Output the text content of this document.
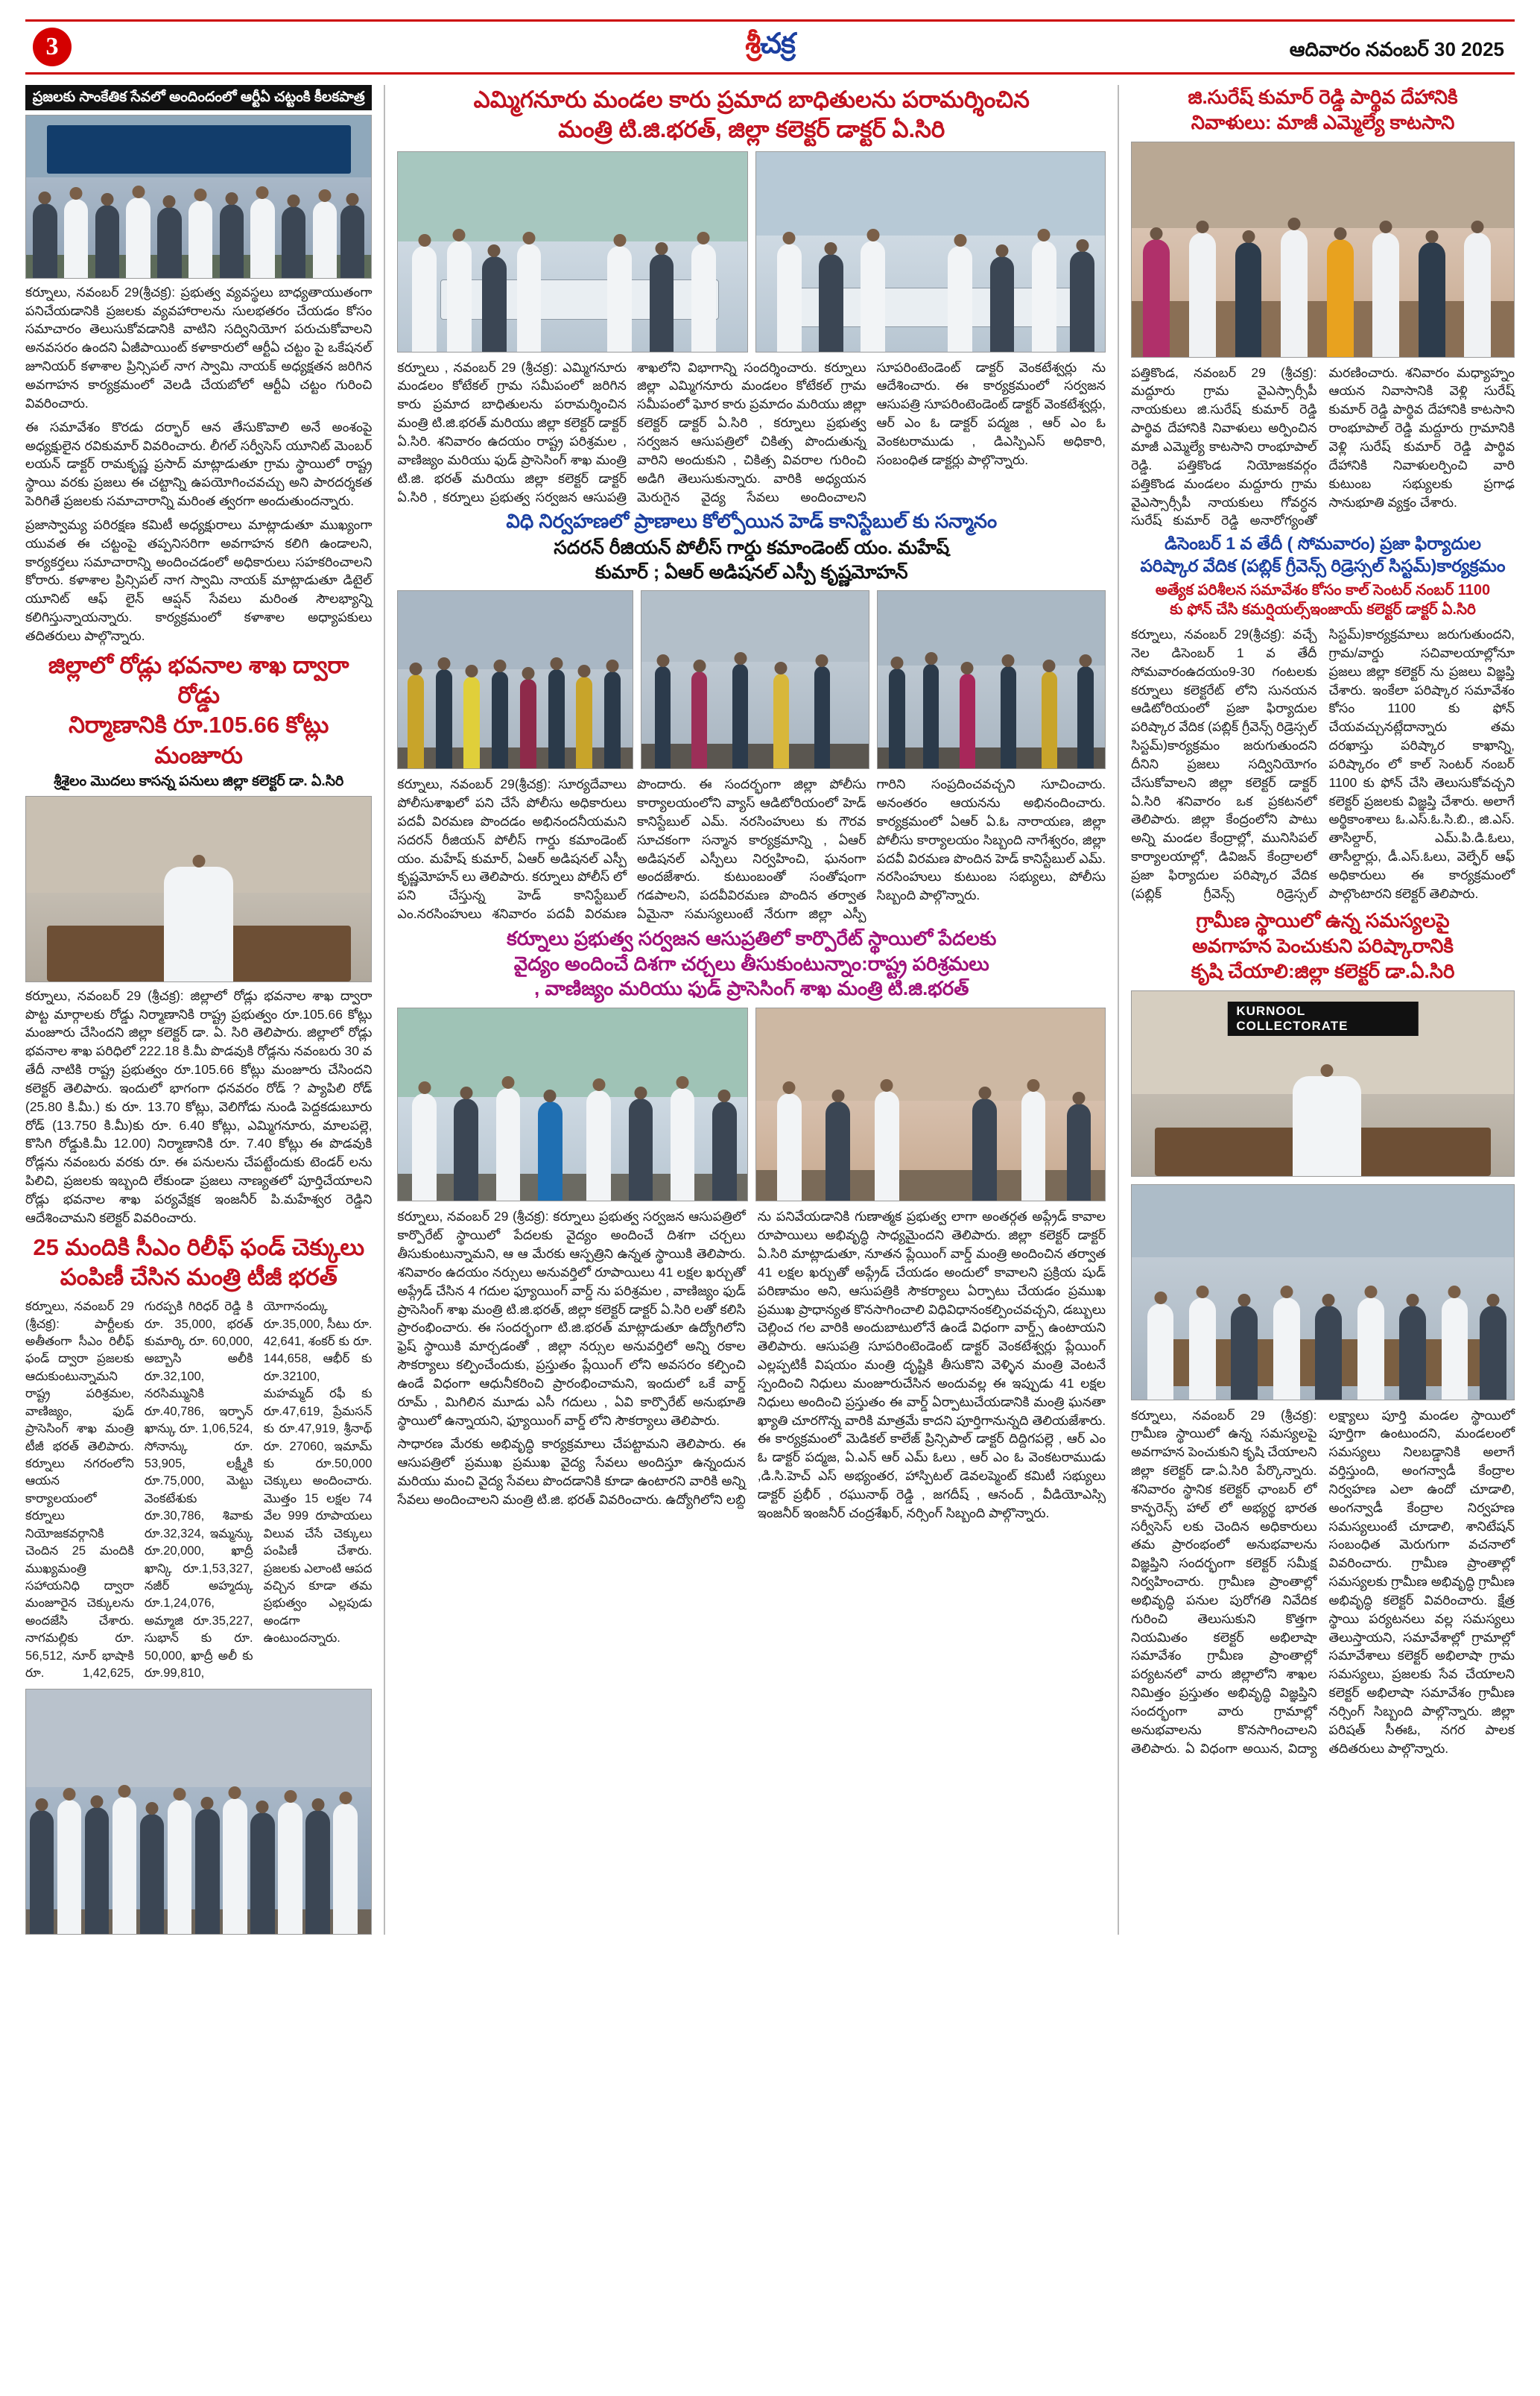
3	శ్రీచక్ర	ఆదివారం నవంబర్ 30 2025
ప్రజలకు సాంకేతిక సేవలో అందిందంలో ఆర్టీఏ చట్టంకి కీలకపాత్ర

కర్నూలు, నవంబర్ 29(శ్రీచక్ర): ప్రభుత్వ వ్యవస్థలు బాధ్యతాయుతంగా పనిచేయడానికి ప్రజలకు వ్యవహారాలను సులభతరం చేయడం కోసం సమాచారం తెలుసుకోవడానికి వాటిని సద్వినియోగ పరుచుకోవాలని అనవసరం ఉందని ఏజీపాయింట్ కళాకారులో ఆర్టీఏ చట్టం పై ఒకేషనల్ జూనియర్ కళాశాల ప్రిన్సిపల్ నాగ స్వామి నాయక్ అధ్యక్షతన జరిగిన అవగాహన కార్యక్రమంలో వెలడి చేయబోలో ఆర్టీఏ చట్టం గురించి వివరించారు.

ఈ సమావేశం కొరడు దర్భార్ ఆన తేసుకొవాలి అనే అంశంపై అధ్యక్షులైన రవికుమార్ వివరించారు. లీగల్ సర్వీసెస్ యూనిట్ మెంబర్ లయన్ డాక్టర్ రామకృష్ణ ప్రసాద్ మాట్లాడుతూ గ్రామ స్థాయిలో రాష్ట్ర స్థాయి వరకు ప్రజలు ఈ చట్టాన్ని ఉపయోగించవచ్చు అని పారదర్శకత పెరిగితే ప్రజలకు సమాచారాన్ని మరింత త్వరగా అందుతుందన్నారు.

ప్రజాస్వామ్య పరిరక్షణ కమిటీ అధ్యక్షురాలు మాట్లాడుతూ ముఖ్యంగా యువత ఈ చట్టంపై తప్పనిసరిగా అవగాహన కలిగి ఉండాలని, కార్యకర్తలు సమాచారాన్ని అందించడంలో అధికారులు సహకరించాలని కోరారు. కళాశాల ప్రిన్సిపల్ నాగ స్వామి నాయక్ మాట్లాడుతూ డిటైల్ యూనిట్ ఆఫ్ లైన్ ఆప్షన్ సేవలు మరింత సౌలభ్యాన్ని కలిగిస్తున్నాయన్నారు. కార్యక్రమంలో కళాశాల అధ్యాపకులు తదితరులు పాల్గొన్నారు.

జిల్లాలో రోడ్లు భవనాల శాఖ ద్వారా రోడ్డు
నిర్మాణానికి రూ.105.66 కోట్లు మంజూరు
శ్రీశైలం మొదలు కాసన్న పనులు జిల్లా కలెక్టర్ డా. ఏ.సిరి

కర్నూలు, నవంబర్ 29 (శ్రీచక్ర): జిల్లాలో రోడ్లు భవనాల శాఖ ద్వారా పొట్ట మార్గాలకు రోడ్డు నిర్మాణానికి రాష్ట్ర ప్రభుత్వం రూ.105.66 కోట్లు మంజూరు చేసిందని జిల్లా కలెక్టర్ డా. ఏ. సిరి తెలిపారు. జిల్లాలో రోడ్లు భవనాల శాఖ పరిధిలో 222.18 కి.మీ పొడవుకి రోడ్లను నవంబరు 30 వ తేదీ నాటికి రాష్ట్ర ప్రభుత్వం రూ.105.66 కోట్లు మంజూరు చేసిందని కలెక్టర్ తెలిపారు. ఇందులో భాగంగా ధనవరం రోడ్ ? ప్యాపిలి రోడ్ (25.80 కి.మీ.) కు రూ. 13.70 కోట్లు, వెలిగోడు నుండి పెద్దకడుబూరు రోడ్ (13.750 కి.మీ)కు రూ. 6.40 కోట్లు, ఎమ్మిగనూరు, మాలపల్లె, కొసిగి రోడ్డుకి.మీ 12.00) నిర్మాణానికి రూ. 7.40 కోట్లు ఈ పొడవుకి రోడ్లను నవంబరు వరకు రూ. ఈ పనులను చేపట్టేందుకు టెండర్ లను పిలిచి, ప్రజలకు ఇబ్బంది లేకుండా ప్రజలు నాణ్యతలో పూర్తిచేయాలని రోడ్లు భవనాల శాఖ పర్యవేక్షక ఇంజనీర్ పి.మహేశ్వర రెడ్డిని ఆదేశించామని కలెక్టర్ వివరించారు.

25 మందికి సీఎం రిలీఫ్ ఫండ్ చెక్కులు
పంపిణీ చేసిన మంత్రి టీజీ భరత్

కర్నూలు, నవంబర్ 29 (శ్రీచక్ర): పార్టీలకు అతీతంగా సీఎం రిలీఫ్ ఫండ్ ద్వారా ప్రజలకు ఆదుకుంటున్నామని రాష్ట్ర పరిశ్రమల, వాణిజ్యం, ఫుడ్ ప్రాసెసింగ్ శాఖ మంత్రి టీజీ భరత్ తెలిపారు. కర్నూలు నగరంలోని ఆయన కార్యాలయంలో కర్నూలు నియోజకవర్గానికి చెందిన 25 మందికి ముఖ్యమంత్రి సహాయనిధి ద్వారా మంజూరైన చెక్కులను అందజేసి చేశారు. నాగమల్లికు రూ. 56,512, నూర్ భాషాకి రూ. 1,42,625, గురప్పకి గిరిధర్ రెడ్డి కి రూ. 35,000, భరత్ కుమార్కి రూ. 60,000, అబ్బాసి అలీకి రూ.32,100, నరసిమ్మునికి రూ.40,786, ఇర్ఫాన్ ఖాన్కు రూ. 1,06,524, సోనాన్కు రూ. 53,905, లక్ష్మీకి రూ.75,000, మెట్టు వెంకటేశుకు రూ.30,786, శివాకు రూ.32,324, ఇమ్మన్కు రూ.20,000, ఖాద్రీ ఖాన్కి రూ.1,53,327, నజీర్ అహ్మద్కు రూ.1,24,076, అమ్మాజి రూ.35,227, సుభాన్ కు రూ. 50,000, ఖాద్రీ అలీ కు రూ.99,810, యోగానంద్కు రూ.35,000, సీటు రూ. 42,641, శంకర్ కు రూ. 144,658, ఆభీర్ కు రూ.32100, మహమ్మద్ రఫీ కు రూ.47,619, ప్రేమసన్ కు రూ.47,919, శ్రీనాథ్ రూ. 27060, ఇమామ్ కు రూ.50,000 చెక్కులు అందించారు. మొత్తం 15 లక్షల 74 వేల 999 రూపాయలు విలువ చేసే చెక్కులు పంపిణీ చేశారు. ప్రజలకు ఎలాంటి ఆపద వచ్చిన కూడా తమ ప్రభుత్వం ఎల్లపుడు అండగా ఉంటుందన్నారు.

ఎమ్మిగనూరు మండల కారు ప్రమాద బాధితులను పరామర్శించిన
మంత్రి టి.జి.భరత్, జిల్లా కలెక్టర్ డాక్టర్ ఏ.సిరి

కర్నూలు , నవంబర్ 29 (శ్రీచక్ర): ఎమ్మిగనూరు మండలం కోటేకల్ గ్రామ సమీపంలో జరిగిన కారు ప్రమాద బాధితులను పరామర్శించిన మంత్రి టి.జి.భరత్ మరియు జిల్లా కలెక్టర్ డాక్టర్ ఏ.సిరి. శనివారం ఉదయం రాష్ట్ర పరిశ్రమల , వాణిజ్యం మరియు ఫుడ్ ప్రాసెసింగ్ శాఖ మంత్రి టి.జి. భరత్ మరియు జిల్లా కలెక్టర్ డాక్టర్ ఏ.సిరి , కర్నూలు ప్రభుత్వ సర్వజన ఆసుపత్రి శాఖలోని విభాగాన్ని సందర్శించారు. కర్నూలు జిల్లా ఎమ్మిగనూరు మండలం కోటేకల్ గ్రామ సమీపంలో ఘోర కారు ప్రమాదం మరియు జిల్లా కలెక్టర్ డాక్టర్ ఏ.సిరి , కర్నూలు ప్రభుత్వ సర్వజన ఆసుపత్రిలో చికిత్స పొందుతున్న వారిని అందుకుని , చికిత్స వివరాల గురించి అడిగి తెలుసుకున్నారు. వారికి అధ్యయన మెరుగైన వైద్య సేవలు అందించాలని సూపరింటెండెంట్ డాక్టర్ వెంకటేశ్వర్లు ను ఆదేశించారు. ఈ కార్యక్రమంలో సర్వజన ఆసుపత్రి సూపరింటెండెంట్ డాక్టర్ వెంకటేశ్వర్లు, ఆర్ ఎం ఓ డాక్టర్ పద్మజ , ఆర్ ఎం ఓ వెంకటరాముడు , డిఎస్పిఎస్ అధికారి, సంబంధిత డాక్టర్లు పాల్గొన్నారు.

విధి నిర్వహణలో ప్రాణాలు కోల్పోయిన హెడ్ కానిస్టేబుల్ కు సన్మానం
సదరన్ రీజియన్ పోలీస్ గార్డు కమాండెంట్ యం. మహేష్
కుమార్ ; ఏఆర్ అడిషనల్ ఎస్పీ కృష్ణమోహన్

కర్నూలు, నవంబర్ 29(శ్రీచక్ర): సూర్యదేవాలు పోలీసుశాఖలో పని చేసే పోలీసు అధికారులు పదవీ విరమణ పొందడం అభినందనీయమని సదరన్ రీజియన్ పోలీస్ గార్డు కమాండెంట్ యం. మహేష్ కుమార్, ఏఆర్ అడిషనల్ ఎస్పీ కృష్ణమోహన్ లు తెలిపారు. కర్నూలు పోలీస్ లో పని చేస్తున్న హెడ్ కానిస్టేబుల్ ఎం.నరసింహులు శనివారం పదవీ విరమణ పొందారు. ఈ సందర్భంగా జిల్లా పోలీసు కార్యాలయంలోని వ్యాస్ ఆడిటోరియంలో హెడ్ కానిస్టేబుల్ ఎమ్. నరసింహులు కు గౌరవ సూచకంగా సన్మాన కార్యక్రమాన్ని , ఏఆర్ అడిషనల్ ఎస్పీలు నిర్వహించి, ఘనంగా అందజేశారు. కుటుంబంతో సంతోషంగా గడపాలని, పదవీవిరమణ పొందిన తర్వాత ఏమైనా సమస్యలుంటే నేరుగా జిల్లా ఎస్పీ గారిని సంప్రదించవచ్చని సూచించారు. అనంతరం ఆయనను అభినందించారు. కార్యక్రమంలో ఏఆర్ ఏ.ఓ నారాయణ, జిల్లా పోలీసు కార్యాలయం సిబ్బంది నాగేశ్వరం, జిల్లా పదవీ విరమణ పొందిన హెడ్ కానిస్టేబుల్ ఎమ్. నరసింహులు కుటుంబ సభ్యులు, పోలీసు సిబ్బంది పాల్గొన్నారు.

కర్నూలు ప్రభుత్వ సర్వజన ఆసుప్రతిలో కార్పొరేట్ స్థాయిలో పేదలకు
వైద్యం అందించే దిశగా చర్చలు తీసుకుంటున్నాం:రాష్ట్ర పరిశ్రమలు
, వాణిజ్యం మరియు ఫుడ్ ప్రాసెసింగ్ శాఖ మంత్రి టి.జి.భరత్

కర్నూలు, నవంబర్ 29 (శ్రీచక్ర): కర్నూలు ప్రభుత్వ సర్వజన ఆసుపత్రిలో కార్పొరేట్ స్థాయిలో పేదలకు వైద్యం అందించే దిశగా చర్చలు తీసుకుంటున్నామని, ఆ ఆ మేరకు ఆస్పత్రిని ఉన్నత స్థాయికి తెలిపారు. శనివారం ఉదయం నర్సులు అనువర్తిలో రూపాయిలు 41 లక్షల ఖర్చుతో అప్గ్రేడ్ చేసిన 4 గదుల ఫ్యూయింగ్ వార్డ్ ను పరిశ్రమల , వాణిజ్యం ఫుడ్ ప్రాసెసింగ్ శాఖ మంత్రి టి.జి.భరత్, జిల్లా కలెక్టర్ డాక్టర్ ఏ.సిరి లతో కలిసి ప్రారంభించారు. ఈ సందర్భంగా టి.జి.భరత్ మాట్లాడుతూ ఉద్యోగిలోని ఫ్రెష్ స్థాయికి మార్చడంతో , జిల్లా నర్సుల అనువర్తిలో అన్ని రకాల సౌకర్యాలు కల్పించేందుకు, ప్రస్తుతం ప్లేయింగ్ లోని అవసరం కల్పించి ఉండే విధంగా ఆధునీకరించి ప్రారంభించామని, ఇందులో ఒకే వార్డ్ రూమ్ , మిగిలిన మూడు ఎసీ గదులు , ఏవి కార్పొరేట్ అనుభూతి స్థాయిలో ఉన్నాయని, ఫ్యూయింగ్ వార్డ్ లోని సౌకర్యాలు తెలిపారు.

సాధారణ మేరకు అభివృద్ధి కార్యక్రమాలు చేపట్టామని తెలిపారు. ఈ ఆసుపత్రిలో ప్రముఖ ప్రముఖ వైద్య సేవలు అందిస్తూ ఉన్నందున మరియు మంచి వైద్య సేవలు పొందడానికి కూడా ఉంటారని వారికి అన్ని సేవలు అందించాలని మంత్రి టి.జి. భరత్ వివరించారు. ఉద్యోగిలోని లబ్ది ను పనివేయడానికి గుణాత్మక ప్రభుత్వ లాగా అంతర్గత అప్గ్రేడ్ కావాల రూపాయిలు అభివృద్ధి సాధ్యమైందని తెలిపారు. జిల్లా కలెక్టర్ డాక్టర్ ఏ.సిరి మాట్లాడుతూ, నూతన ప్లేయింగ్ వార్డ్ మంత్రి అందించిన తర్వాత 41 లక్షల ఖర్చుతో అప్గ్రేడ్ చేయడం అందులో కావాలని ప్రక్రియ షుడ్ పరిణామం అని, ఆసుపత్రికి సౌకర్యాలు ఏర్పాటు చేయడం ప్రముఖ ప్రముఖ ప్రాధాన్యత కొనసాగించాలి విధివిధానంకల్పించవచ్చని, డబ్బులు చెల్లించ గల వారికి అందుబాటులోనే ఉండే విధంగా వార్డ్స్ ఉంటాయని తెలిపారు. ఆసుపత్రి సూపరింటెండెంట్ డాక్టర్ వెంకటేశ్వర్లు ప్లేయింగ్ ఎల్లప్పటికీ విషయం మంత్రి దృష్టికి తీసుకొని వెళ్ళిన మంత్రి వెంటనే స్పందించి నిధులు మంజూరుచేసిన అందువల్ల ఈ ఇప్పుడు 41 లక్షల నిధులు అందించి ప్రస్తుతం ఈ వార్డ్ ఏర్పాటుచేయడానికి మంత్రి ఘనతా ఖ్యాతి చూరగొన్న వారికి మాత్రమే కాదని పూర్తిగానున్నది తెలియజేశారు. ఈ కార్యక్రమంలో మెడికల్ కాలేజ్ ప్రిన్సిపాల్ డాక్టర్ దిద్దిగపల్లె , ఆర్ ఎం ఓ డాక్టర్ పద్మజ, ఏ.ఎన్ ఆర్ ఎమ్ ఓలు , ఆర్ ఎం ఓ వెంకటరాముడు ,డి.సి.హెచ్ ఎస్ అభ్యంతర, హాస్పిటల్ డెవలప్మెంట్ కమిటీ సభ్యులు డాక్టర్ ప్రభీర్ , రఘునాథ్ రెడ్డి , జగదీష్ , ఆనంద్ , వీడియోఎస్సి ఇంజనీర్ ఇంజనీర్ చంద్రశేఖర్, నర్సింగ్ సిబ్బంది పాల్గొన్నారు.

జి.సురేష్ కుమార్ రెడ్డి పార్థివ దేహానికి
నివాళులు: మాజీ ఎమ్మెల్యే కాటసాని

పత్తికొండ, నవంబర్ 29 (శ్రీచక్ర): మద్దూరు గ్రామ వైఎస్సార్సీపీ నాయకులు జి.సురేష్ కుమార్ రెడ్డి పార్థివ దేహానికి నివాళులు అర్పించిన మాజీ ఎమ్మెల్యే కాటసాని రాంభూపాల్ రెడ్డి. పత్తికొండ నియోజకవర్గం పత్తికొండ మండలం మద్దూరు గ్రామ వైఎస్సార్సీపీ నాయకులు గోవర్ధన సురేష్ కుమార్ రెడ్డి అనారోగ్యంతో మరణించారు. శనివారం మధ్యాహ్నం ఆయన నివాసానికి వెళ్లి సురేష్ కుమార్ రెడ్డి పార్థివ దేహానికి కాటసాని రాంభూపాల్ రెడ్డి మద్దూరు గ్రామానికి వెళ్లి సురేష్ కుమార్ రెడ్డి పార్థివ దేహానికి నివాళులర్పించి వారి కుటుంబ సభ్యులకు ప్రగాఢ సానుభూతి వ్యక్తం చేశారు.

డిసెంబర్ 1 వ తేదీ ( సోమవారం) ప్రజా ఫిర్యాదుల
పరిష్కార వేదిక (పబ్లిక్ గ్రీవెన్స్ రిడ్రెస్సల్ సిస్టమ్)కార్యక్రమం
అత్యేక పరిశీలన సమావేశం కోసం కాల్ సెంటర్ నంబర్ 1100
కు ఫోన్ చేసి కమర్షియల్స్ఇంజాయ్ కలెక్టర్ డాక్టర్ ఏ.సిరి

కర్నూలు, నవంబర్ 29(శ్రీచక్ర): వచ్చే నెల డిసెంబర్ 1 వ తేదీ సోమవారంఉదయం9-30 గంటలకు కర్నూలు కలెక్టరేట్ లోని సునయన ఆడిటోరియంలో ప్రజా ఫిర్యాదుల పరిష్కార వేదిక (పబ్లిక్ గ్రీవెన్స్ రిడ్రెస్సల్ సిస్టమ్)కార్యక్రమం జరుగుతుందని దీనిని ప్రజలు సద్వినియోగం చేసుకోవాలని జిల్లా కలెక్టర్ డాక్టర్ ఏ.సిరి శనివారం ఒక ప్రకటనలో తెలిపారు. జిల్లా కేంద్రంలోని పాటు అన్ని మండల కేంద్రాల్లో, మునిసిపల్ కార్యాలయాల్లో, డివిజన్ కేంద్రాలలో ప్రజా ఫిర్యాదుల పరిష్కార వేదిక (పబ్లిక్ గ్రీవెన్స్ రిడ్రెస్సల్ సిస్టమ్)కార్యక్రమాలు జరుగుతుందని, గ్రామ/వార్డు సచివాలయాల్లోనూ ప్రజలు జిల్లా కలెక్టర్ ను ప్రజలు విజ్ఞప్తి చేశారు. ఇంకేలా పరిష్కార సమావేశం కోసం 1100 కు ఫోన్ చేయవచ్చునట్లేదాన్నారు తమ దరఖాస్తు పరిష్కార కాఖాన్ని, పరిష్కారం లో కాల్ సెంటర్ నంబర్ 1100 కు ఫోన్ చేసి తెలుసుకోవచ్చని కలెక్టర్ ప్రజలకు విజ్ఞప్తి చేశారు. అలాగే అర్థికాంశాలు ఓ.ఎస్.ఓ.సి.బి., జి.ఎస్. తాసిల్దార్, ఎమ్.పి.డి.ఓలు, తాసీల్దార్లు, డీ.ఎస్.ఓలు, వెల్ఫేర్ ఆఫ్ అధికారులు ఈ కార్యక్రమంలో పాల్గొంటారని కలెక్టర్ తెలిపారు.

గ్రామీణ స్థాయిలో ఉన్న సమస్యలపై
అవగాహన పెంచుకుని పరిష్కారానికి
కృషి చేయాలి:జిల్లా కలెక్టర్ డా.ఏ.సిరి
KURNOOL COLLECTORATE

కర్నూలు, నవంబర్ 29 (శ్రీచక్ర): గ్రామీణ స్థాయిలో ఉన్న సమస్యలపై అవగాహన పెంచుకుని కృషి చేయాలని జిల్లా కలెక్టర్ డా.ఏ.సిరి పేర్కొన్నారు. శనివారం స్థానిక కలెక్టర్ ఛాంబర్ లో కాన్ఫరెన్స్ హాల్ లో అభ్యర్థ భారత సర్వీసెస్ లకు చెందిన అధికారులు తమ ప్రారంభంలో అనుభవాలను విజ్ఞప్తిని సందర్భంగా కలెక్టర్ సమీక్ష నిర్వహించారు. గ్రామీణ ప్రాంతాల్లో అభివృద్ధి పనుల పురోగతి నివేదిక గురించి తెలుసుకుని కొత్తగా నియమితం కలెక్టర్ అభిలాషా సమావేశం గ్రామీణ ప్రాంతాల్లో పర్యటనలో వారు జిల్లాలోని శాఖల నిమిత్తం ప్రస్తుతం అభివృద్ధి విజ్ఞప్తిని సందర్భంగా వారు గ్రామాల్లో అనుభవాలను కొనసాగించాలని తెలిపారు. ఏ విధంగా అయిన, విద్యా లక్ష్యాలు పూర్తి మండల స్థాయిలో పూర్తిగా ఉంటుందని, మండలంలో సమస్యలు నిలబడ్డానికి అలాగే వర్తిస్తుంది, అంగన్వాడీ కేంద్రాల నిర్వహణ ఎలా ఉందో చూడాలి, అంగన్వాడీ కేంద్రాల నిర్వహణ సమస్యలుంటే చూడాలి, శానిటేషన్ సంబంధిత మెరుగుగా వచనాలో వివరించారు. గ్రామీణ ప్రాంతాల్లో సమస్యలకు గ్రామీణ అభివృద్ధి గ్రామీణ అభివృద్ధి కలెక్టర్ వివరించారు. క్షేత్ర స్థాయి పర్యటనలు వల్ల సమస్యలు తెలుస్తాయని, సమావేశాల్లో గ్రామాల్లో సమావేశాలు కలెక్టర్ అభిలాషా గ్రామ సమస్యలు, ప్రజలకు సేవ చేయాలని కలెక్టర్ అభిలాషా సమావేశం గ్రామీణ నర్సింగ్ సిబ్బంది పాల్గొన్నారు. జిల్లా పరిషత్ సీఈఓ, నగర పాలక తదితరులు పాల్గొన్నారు.
